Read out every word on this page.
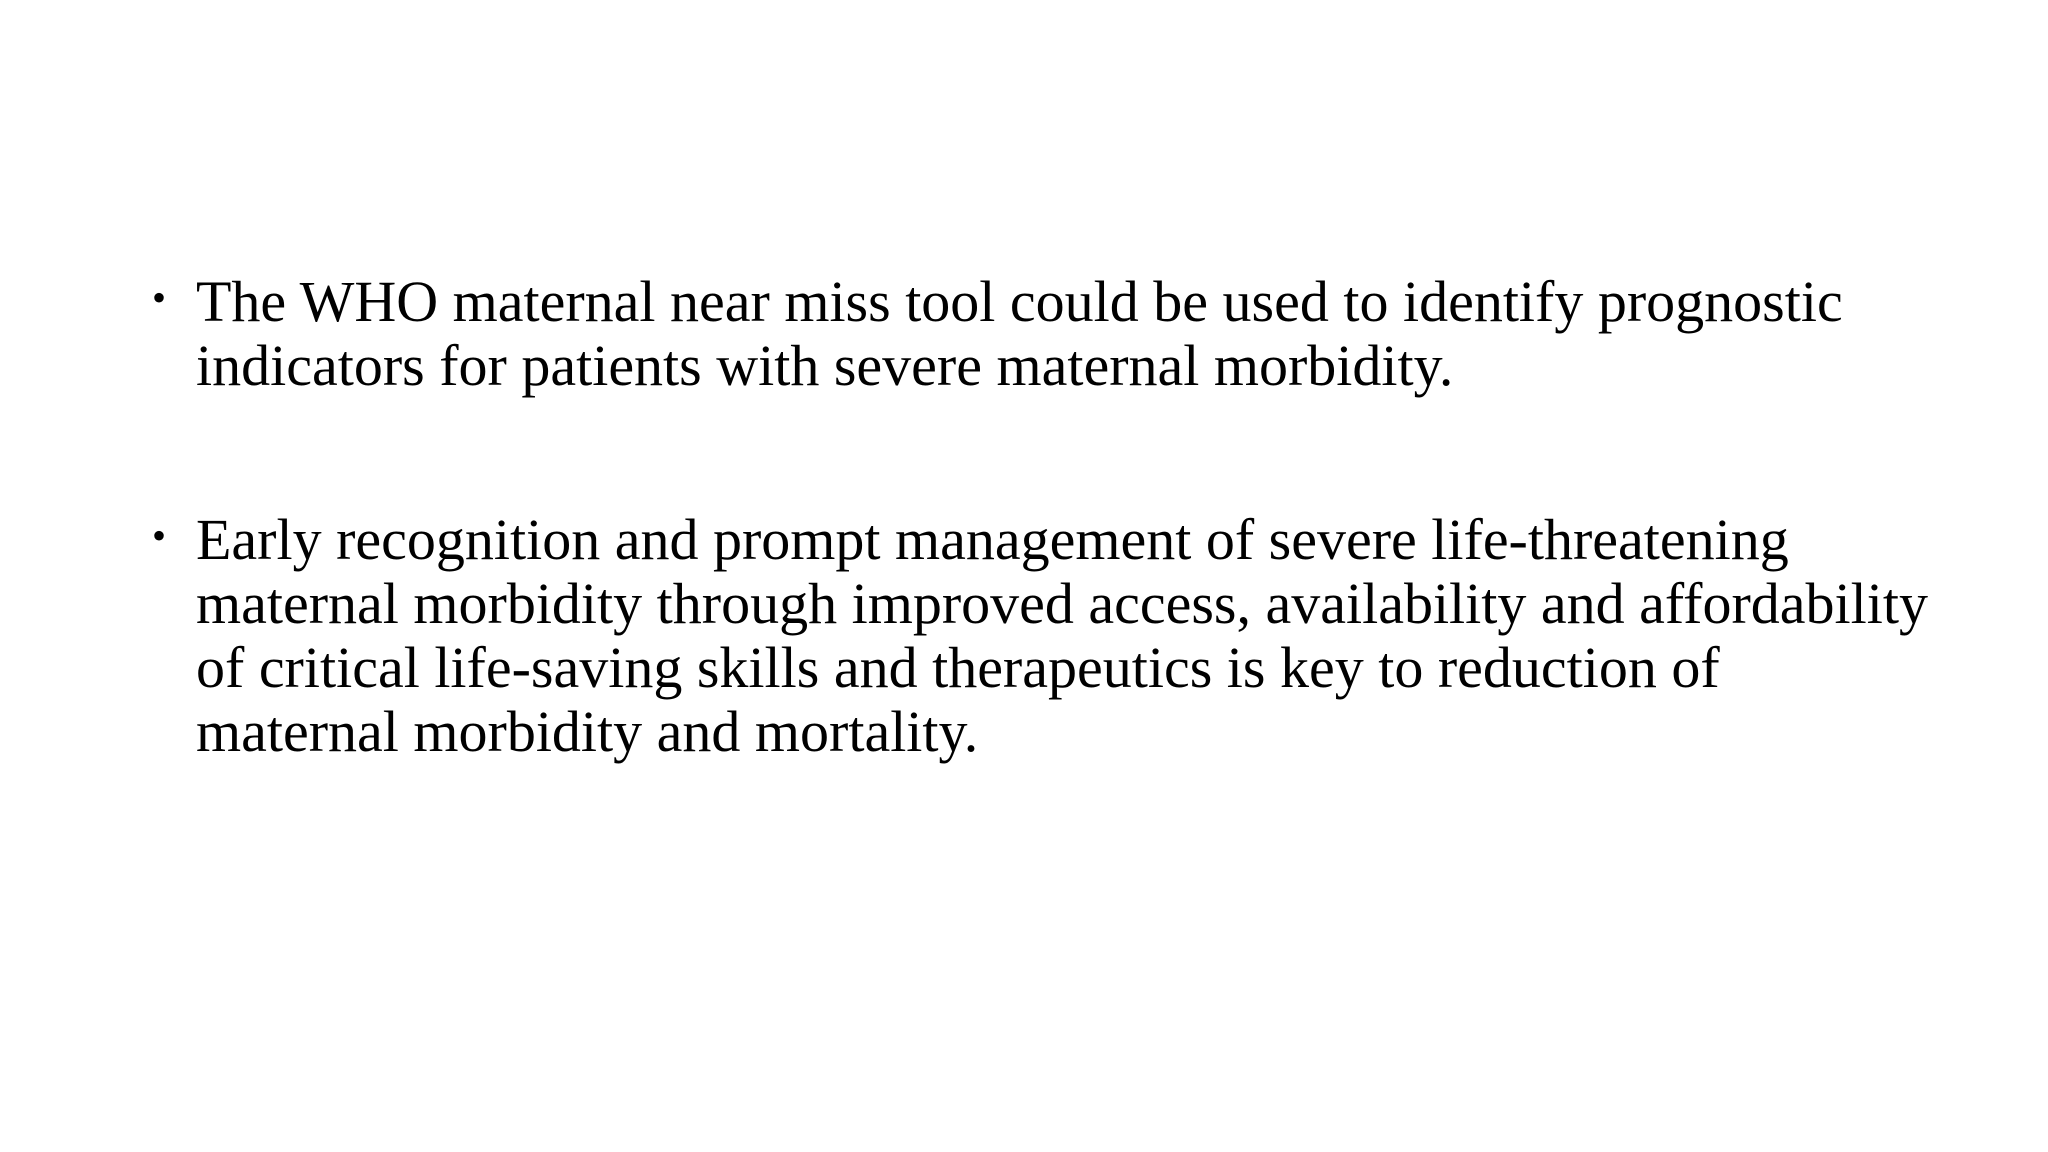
• The WHO maternal near miss tool could be used to identify prognostic indicators for patients with severe maternal morbidity.
• Early recognition and prompt management of severe life-threatening maternal morbidity through improved access, availability and affordability of critical life-saving skills and therapeutics is key to reduction of maternal morbidity and mortality.
